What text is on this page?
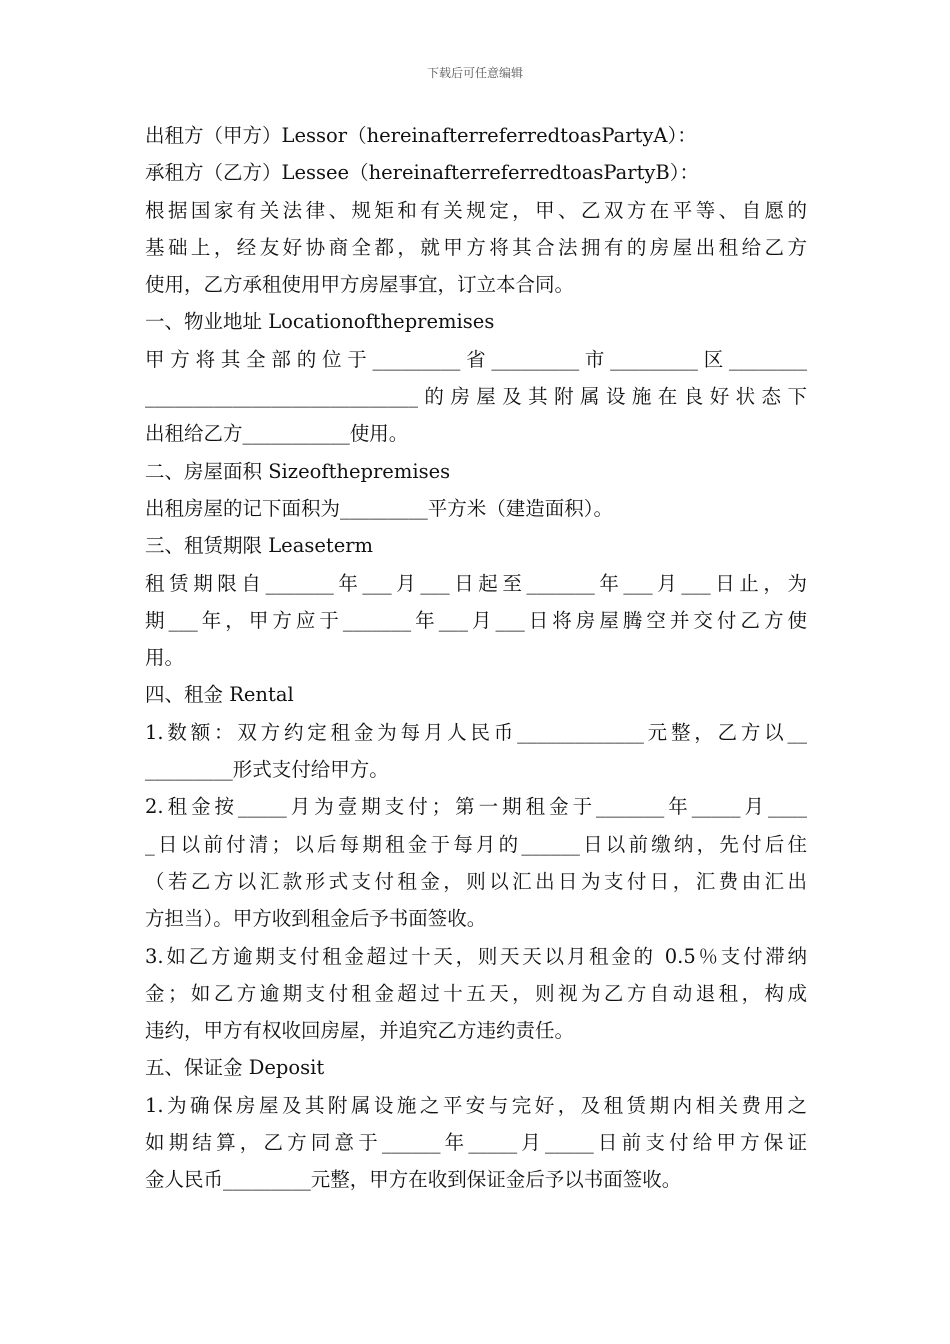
下载后可任意编辑
出租方（甲方）Lessor（hereinafterreferredtoasPartyA）：
承租方（乙方）Lessee（hereinafterreferredtoasPartyB）：
根据国家有关法律、规矩和有关规定，甲、乙双方在平等、自愿的
基础上，经友好协商全都，就甲方将其合法拥有的房屋出租给乙方
使用，乙方承租使用甲方房屋事宜，订立本合同。
一、物业地址 Locationofthepremises
甲方将其全部的位于_________省_________市_________区________
____________________________的房屋及其附属设施在良好状态下
出租给乙方___________使用。
二、房屋面积 Sizeofthepremises
出租房屋的记下面积为_________平方米（建造面积）。
三、租赁期限 Leaseterm
租赁期限自_______年___月___日起至_______年___月___日止，为
期___年，甲方应于_______年___月___日将房屋腾空并交付乙方使
用。
四、租金 Rental
1.数额：双方约定租金为每月人民币_____________元整，乙方以__
_________形式支付给甲方。
2.租金按_____月为壹期支付；第一期租金于_______年_____月____
_日以前付清；以后每期租金于每月的______日以前缴纳，先付后住
（若乙方以汇款形式支付租金，则以汇出日为支付日，汇费由汇出
方担当）。甲方收到租金后予书面签收。
3.如乙方逾期支付租金超过十天，则天天以月租金的 0.5％支付滞纳
金；如乙方逾期支付租金超过十五天，则视为乙方自动退租，构成
违约，甲方有权收回房屋，并追究乙方违约责任。
五、保证金 Deposit
1.为确保房屋及其附属设施之平安与完好，及租赁期内相关费用之
如期结算，乙方同意于______年_____月_____日前支付给甲方保证
金人民币_________元整，甲方在收到保证金后予以书面签收。
